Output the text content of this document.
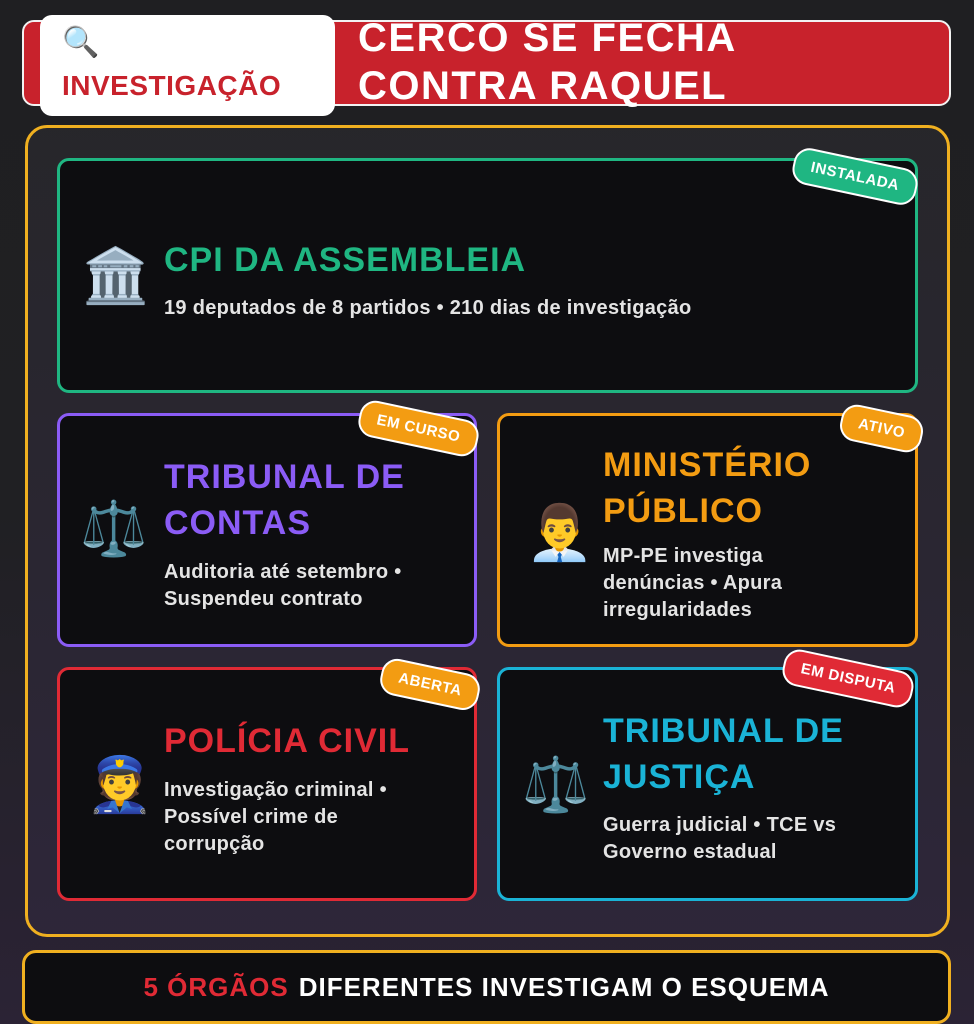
🔍
INVESTIGAÇÃO
CERCO SE FECHA
CONTRA RAQUEL
🏛️ CPI DA ASSEMBLEIA
19 deputados de 8 partidos • 210 dias de investigação
INSTALADA
⚖️
TRIBUNAL DE
CONTAS
Auditoria até setembro •
Suspendeu contrato
EM CURSO
👨‍💼
MINISTÉRIO
PÚBLICO
MP-PE investiga
denúncias • Apura
irregularidades
ATIVO
👮
POLÍCIA CIVIL
Investigação criminal •
Possível crime de
corrupção
ABERTA
⚖️
TRIBUNAL DE
JUSTIÇA
Guerra judicial • TCE vs
Governo estadual
EM DISPUTA
5 ÓRGÃOS DIFERENTES INVESTIGAM O ESQUEMA
